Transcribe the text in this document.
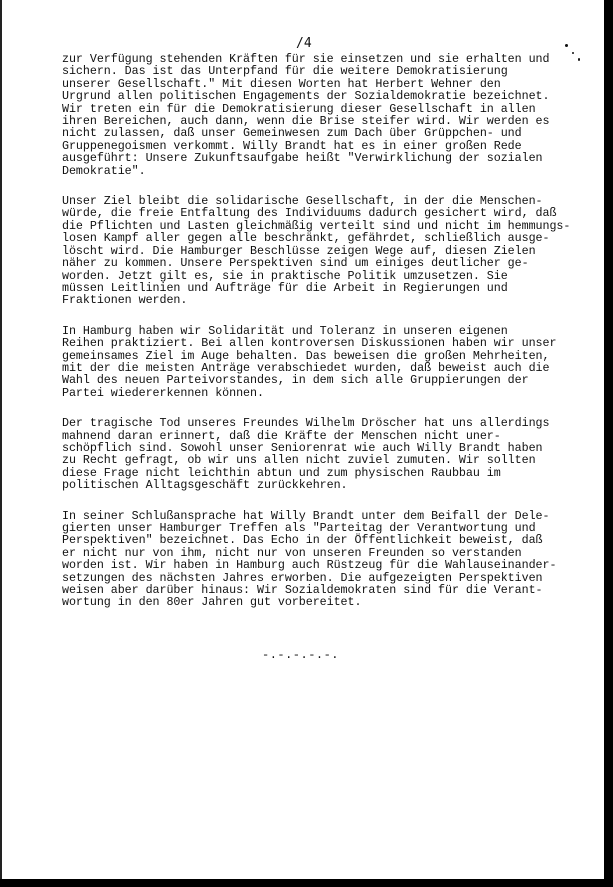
/4
zur Verfügung stehenden Kräften für sie einsetzen und sie erhalten und
sichern. Das ist das Unterpfand für die weitere Demokratisierung
unserer Gesellschaft." Mit diesen Worten hat Herbert Wehner den
Urgrund allen politischen Engagements der Sozialdemokratie bezeichnet.
Wir treten ein für die Demokratisierung dieser Gesellschaft in allen
ihren Bereichen, auch dann, wenn die Brise steifer wird. Wir werden es
nicht zulassen, daß unser Gemeinwesen zum Dach über Grüppchen- und
Gruppenegoismen verkommt. Willy Brandt hat es in einer großen Rede
ausgeführt: Unsere Zukunftsaufgabe heißt "Verwirklichung der sozialen
Demokratie".
Unser Ziel bleibt die solidarische Gesellschaft, in der die Menschen-
würde, die freie Entfaltung des Individuums dadurch gesichert wird, daß
die Pflichten und Lasten gleichmäßig verteilt sind und nicht im hemmungs-
losen Kampf aller gegen alle beschränkt, gefährdet, schließlich ausge-
löscht wird. Die Hamburger Beschlüsse zeigen Wege auf, diesen Zielen
näher zu kommen. Unsere Perspektiven sind um einiges deutlicher ge-
worden. Jetzt gilt es, sie in praktische Politik umzusetzen. Sie
müssen Leitlinien und Aufträge für die Arbeit in Regierungen und
Fraktionen werden.
In Hamburg haben wir Solidarität und Toleranz in unseren eigenen
Reihen praktiziert. Bei allen kontroversen Diskussionen haben wir unser
gemeinsames Ziel im Auge behalten. Das beweisen die großen Mehrheiten,
mit der die meisten Anträge verabschiedet wurden, daß beweist auch die
Wahl des neuen Parteivorstandes, in dem sich alle Gruppierungen der
Partei wiedererkennen können.
Der tragische Tod unseres Freundes Wilhelm Dröscher hat uns allerdings
mahnend daran erinnert, daß die Kräfte der Menschen nicht uner-
schöpflich sind. Sowohl unser Seniorenrat wie auch Willy Brandt haben
zu Recht gefragt, ob wir uns allen nicht zuviel zumuten. Wir sollten
diese Frage nicht leichthin abtun und zum physischen Raubbau im
politischen Alltagsgeschäft zurückkehren.
In seiner Schlußansprache hat Willy Brandt unter dem Beifall der Dele-
gierten unser Hamburger Treffen als "Parteitag der Verantwortung und
Perspektiven" bezeichnet. Das Echo in der Öffentlichkeit beweist, daß
er nicht nur von ihm, nicht nur von unseren Freunden so verstanden
worden ist. Wir haben in Hamburg auch Rüstzeug für die Wahlauseinander-
setzungen des nächsten Jahres erworben. Die aufgezeigten Perspektiven
weisen aber darüber hinaus: Wir Sozialdemokraten sind für die Verant-
wortung in den 80er Jahren gut vorbereitet.
-.-.-.-.-.
